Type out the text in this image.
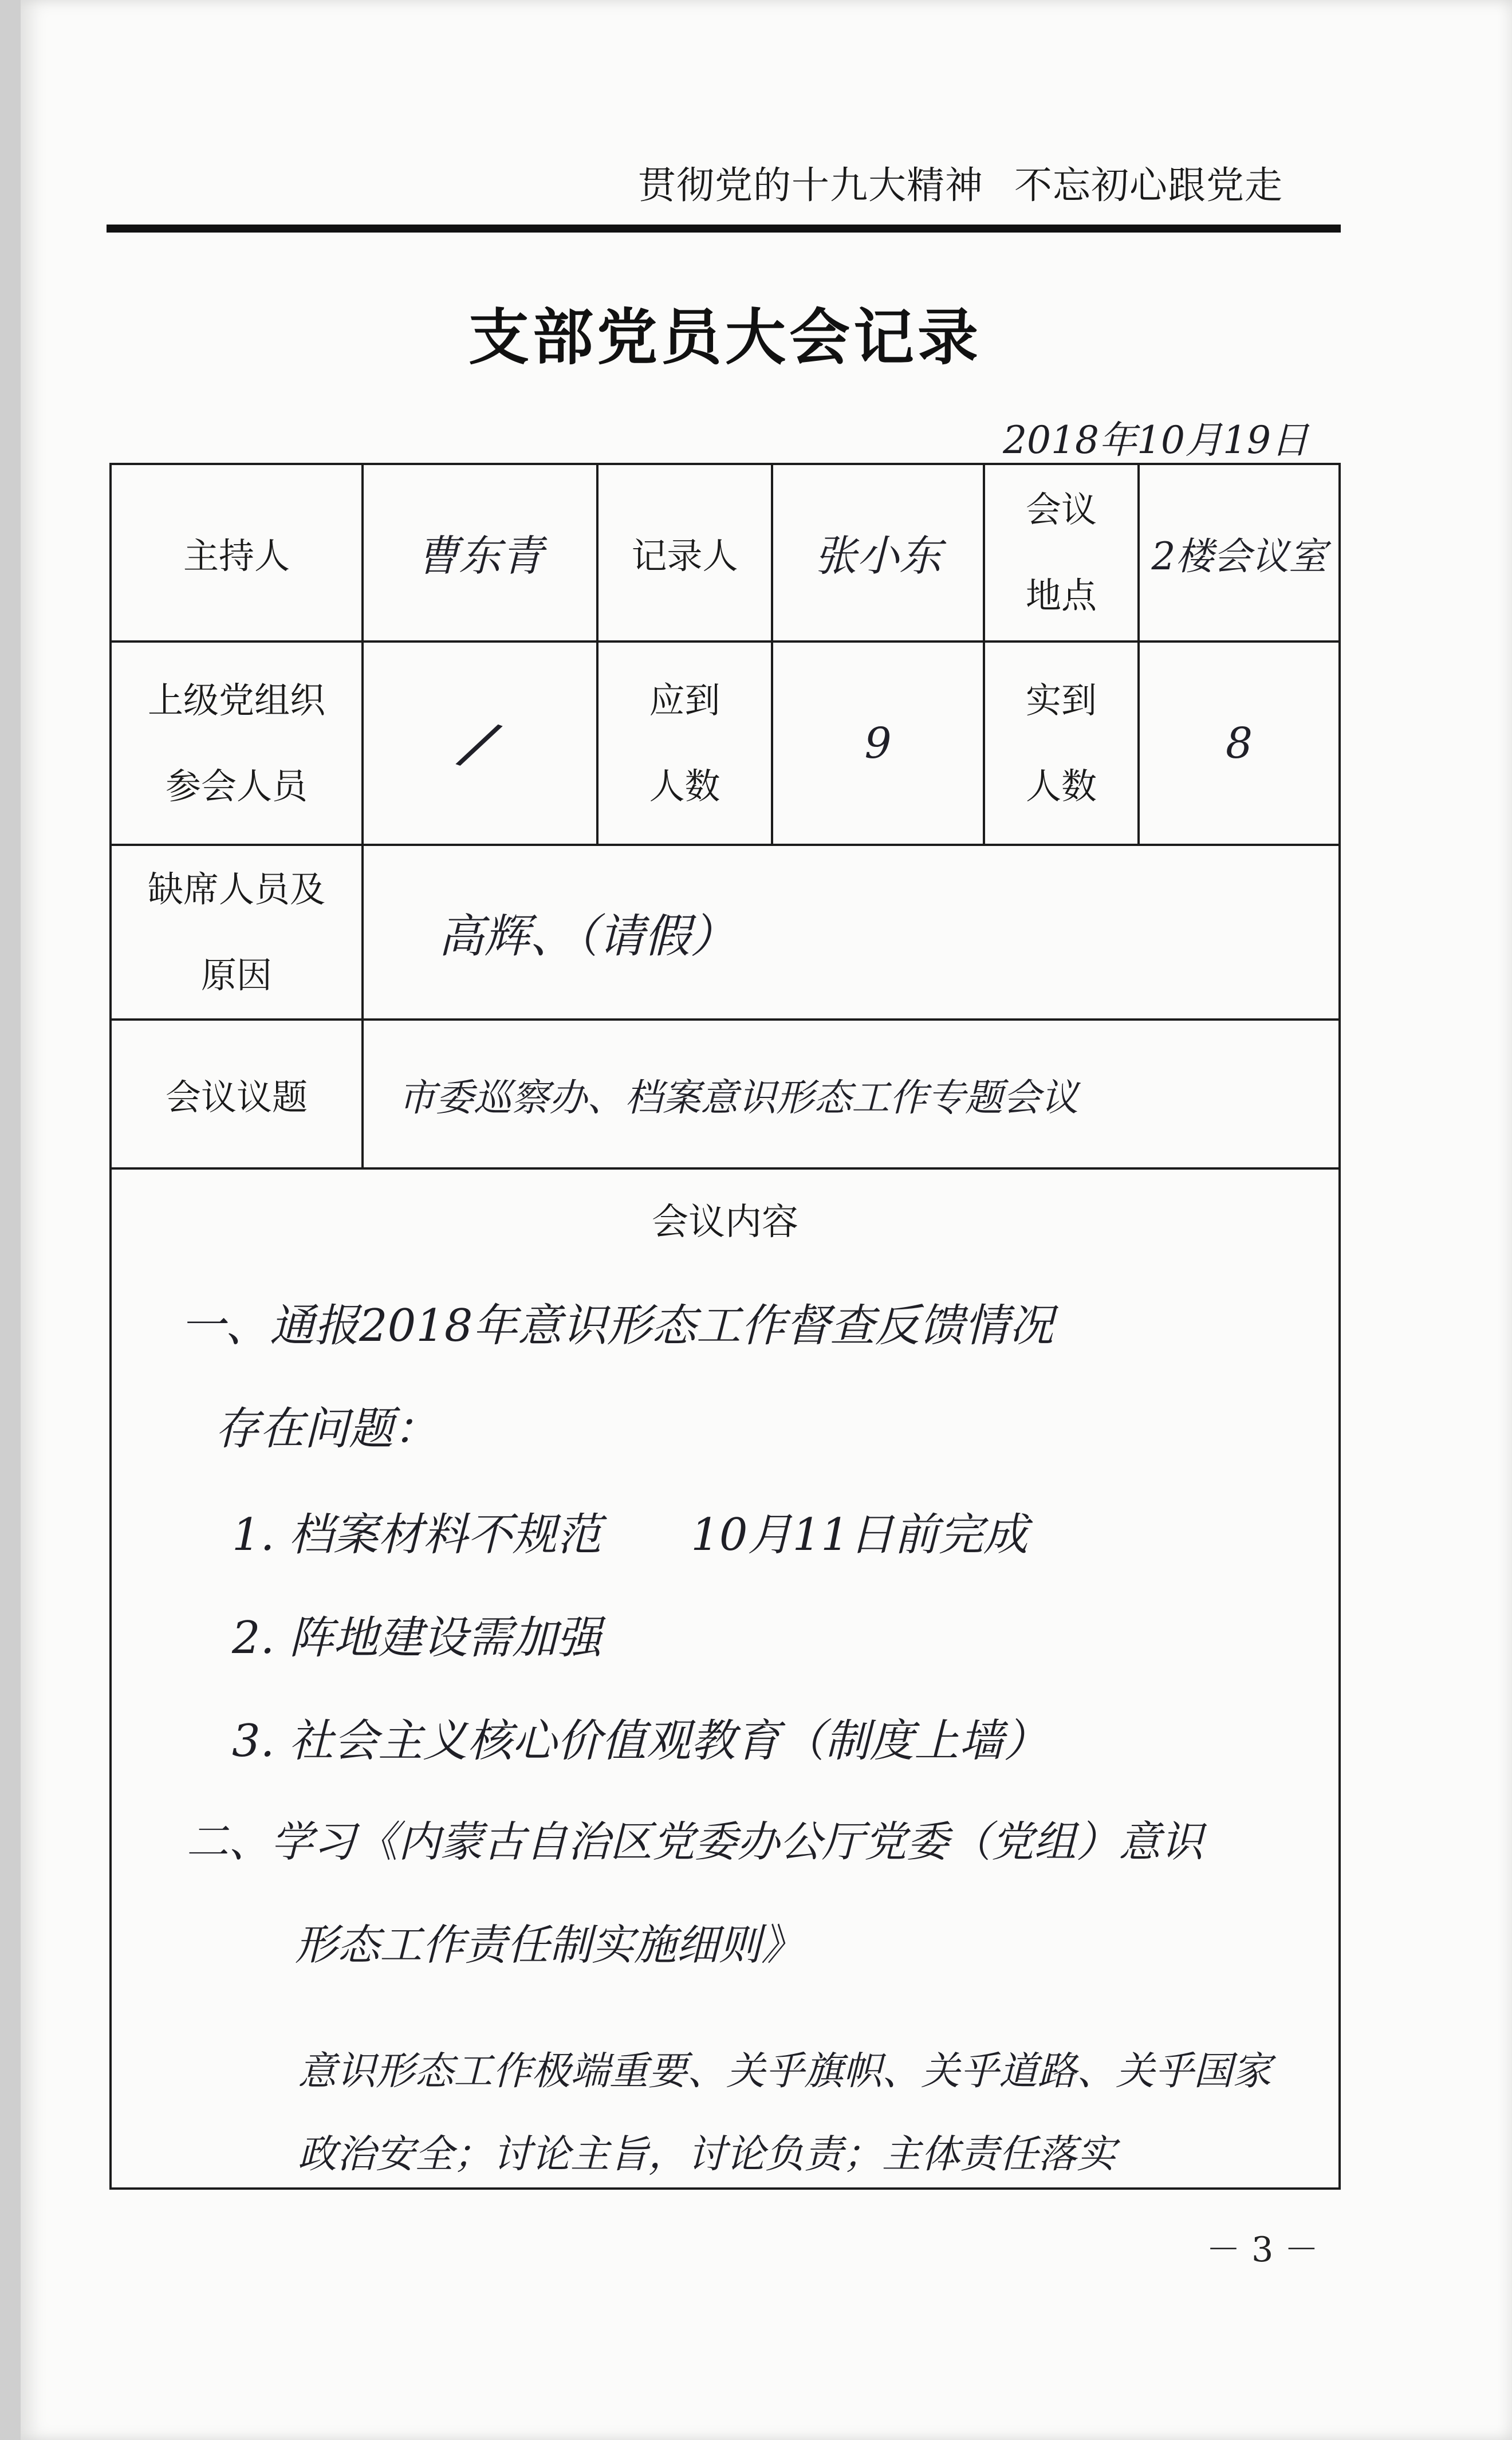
贯彻党的十九大精神 不忘初心跟党走
支部党员大会记录
2018年10月19日
主持人	曹东青 记录人 张小东
会议
地点
2楼会议室
上级党组织
参会人员
/
应到
人数
9
实到
人数
8
缺席人员及
原因
高辉、（请假）
会议议题 市委巡察办、档案意识形态工作专题会议
会议内容
一、通报2018年意识形态工作督查反馈情况
存在问题：
1. 档案材料不规范　　10月11日前完成
2. 阵地建设需加强
3. 社会主义核心价值观教育（制度上墙）
二、学习《内蒙古自治区党委办公厅党委（党组）意识
形态工作责任制实施细则》
意识形态工作极端重要、关乎旗帜、关乎道路、关乎国家
政治安全；讨论主旨，讨论负责；主体责任落实
－ 3 －
